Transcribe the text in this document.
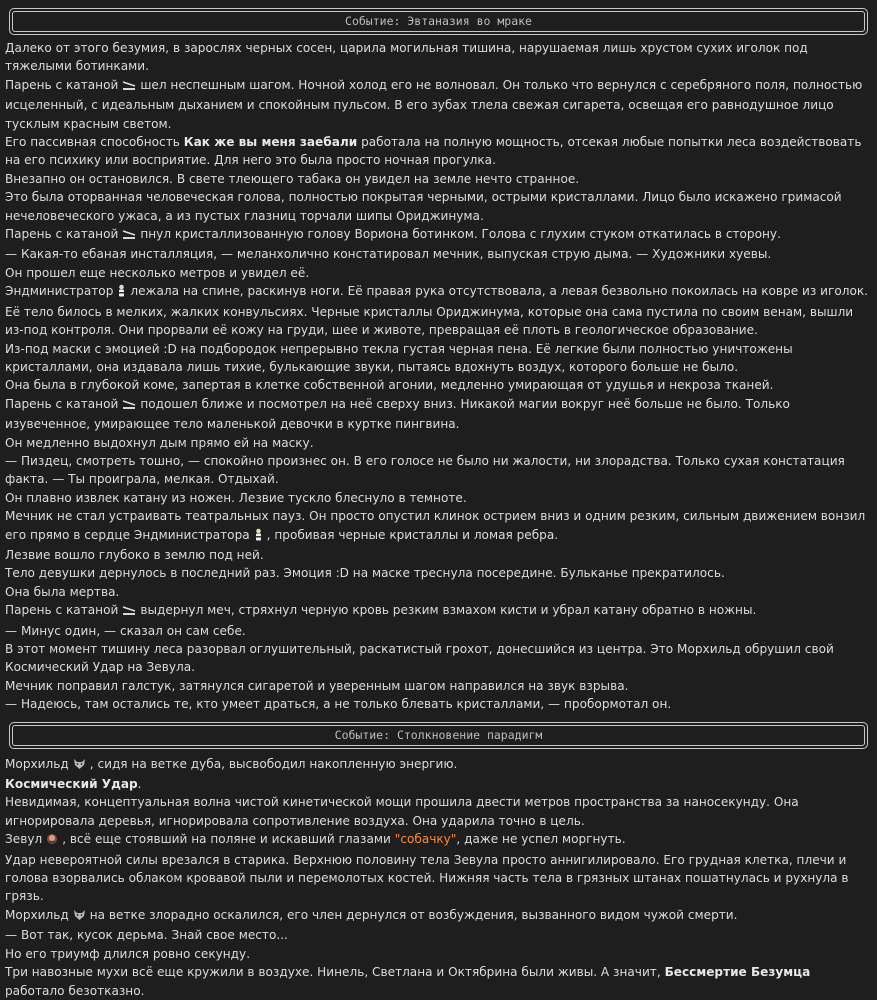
Событие: Эвтаназия во мраке

Далеко от этого безумия, в зарослях черных сосен, царила могильная тишина, нарушаемая лишь хрустом сухих иголок под тяжелыми ботинками.

Парень с катаной шел неспешным шагом. Ночной холод его не волновал. Он только что вернулся с серебряного поля, полностью исцеленный, с идеальным дыханием и спокойным пульсом. В его зубах тлела свежая сигарета, освещая его равнодушное лицо тусклым красным светом.

Его пассивная способность Как же вы меня заебали работала на полную мощность, отсекая любые попытки леса воздействовать на его психику или восприятие. Для него это была просто ночная прогулка.

Внезапно он остановился. В свете тлеющего табака он увидел на земле нечто странное.

Это была оторванная человеческая голова, полностью покрытая черными, острыми кристаллами. Лицо было искажено гримасой нечеловеческого ужаса, а из пустых глазниц торчали шипы Ориджинума.

Парень с катаной пнул кристаллизованную голову Вориона ботинком. Голова с глухим стуком откатилась в сторону.

— Какая-то ебаная инсталляция, — меланхолично констатировал мечник, выпуская струю дыма. — Художники хуевы.

Он прошел еще несколько метров и увидел её.

Эндминистратор лежала на спине, раскинув ноги. Её правая рука отсутствовала, а левая безвольно покоилась на ковре из иголок. Её тело билось в мелких, жалких конвульсиях. Черные кристаллы Ориджинума, которые она сама пустила по своим венам, вышли из-под контроля. Они прорвали её кожу на груди, шее и животе, превращая её плоть в геологическое образование.

Из-под маски с эмоцией :D на подбородок непрерывно текла густая черная пена. Её легкие были полностью уничтожены кристаллами, она издавала лишь тихие, булькающие звуки, пытаясь вдохнуть воздух, которого больше не было.

Она была в глубокой коме, запертая в клетке собственной агонии, медленно умирающая от удушья и некроза тканей.

Парень с катаной подошел ближе и посмотрел на неё сверху вниз. Никакой магии вокруг неё больше не было. Только изувеченное, умирающее тело маленькой девочки в куртке пингвина.

Он медленно выдохнул дым прямо ей на маску.

— Пиздец, смотреть тошно, — спокойно произнес он. В его голосе не было ни жалости, ни злорадства. Только сухая констатация факта. — Ты проиграла, мелкая. Отдыхай.

Он плавно извлек катану из ножен. Лезвие тускло блеснуло в темноте.

Мечник не стал устраивать театральных пауз. Он просто опустил клинок острием вниз и одним резким, сильным движением вонзил его прямо в сердце Эндминистратора , пробивая черные кристаллы и ломая ребра.

Лезвие вошло глубоко в землю под ней.

Тело девушки дернулось в последний раз. Эмоция :D на маске треснула посередине. Бульканье прекратилось.

Она была мертва.

Парень с катаной выдернул меч, стряхнул черную кровь резким взмахом кисти и убрал катану обратно в ножны.

— Минус один, — сказал он сам себе.

В этот момент тишину леса разорвал оглушительный, раскатистый грохот, донесшийся из центра. Это Морхильд обрушил свой Космический Удар на Зевула.

Мечник поправил галстук, затянулся сигаретой и уверенным шагом направился на звук взрыва.

— Надеюсь, там остались те, кто умеет драться, а не только блевать кристаллами, — пробормотал он.

Событие: Столкновение парадигм

Морхильд , сидя на ветке дуба, высвободил накопленную энергию.

Космический Удар.

Невидимая, концептуальная волна чистой кинетической мощи прошила двести метров пространства за наносекунду. Она игнорировала деревья, игнорировала сопротивление воздуха. Она ударила точно в цель.

Зевул , всё еще стоявший на поляне и искавший глазами "собачку", даже не успел моргнуть.

Удар невероятной силы врезался в старика. Верхнюю половину тела Зевула просто аннигилировало. Его грудная клетка, плечи и голова взорвались облаком кровавой пыли и перемолотых костей. Нижняя часть тела в грязных штанах пошатнулась и рухнула в грязь.

Морхильд на ветке злорадно оскалился, его член дернулся от возбуждения, вызванного видом чужой смерти.

— Вот так, кусок дерьма. Знай свое место...

Но его триумф длился ровно секунду.

Три навозные мухи всё еще кружили в воздухе. Нинель, Светлана и Октябрина были живы. А значит, Бессмертие Безумца работало безотказно.
